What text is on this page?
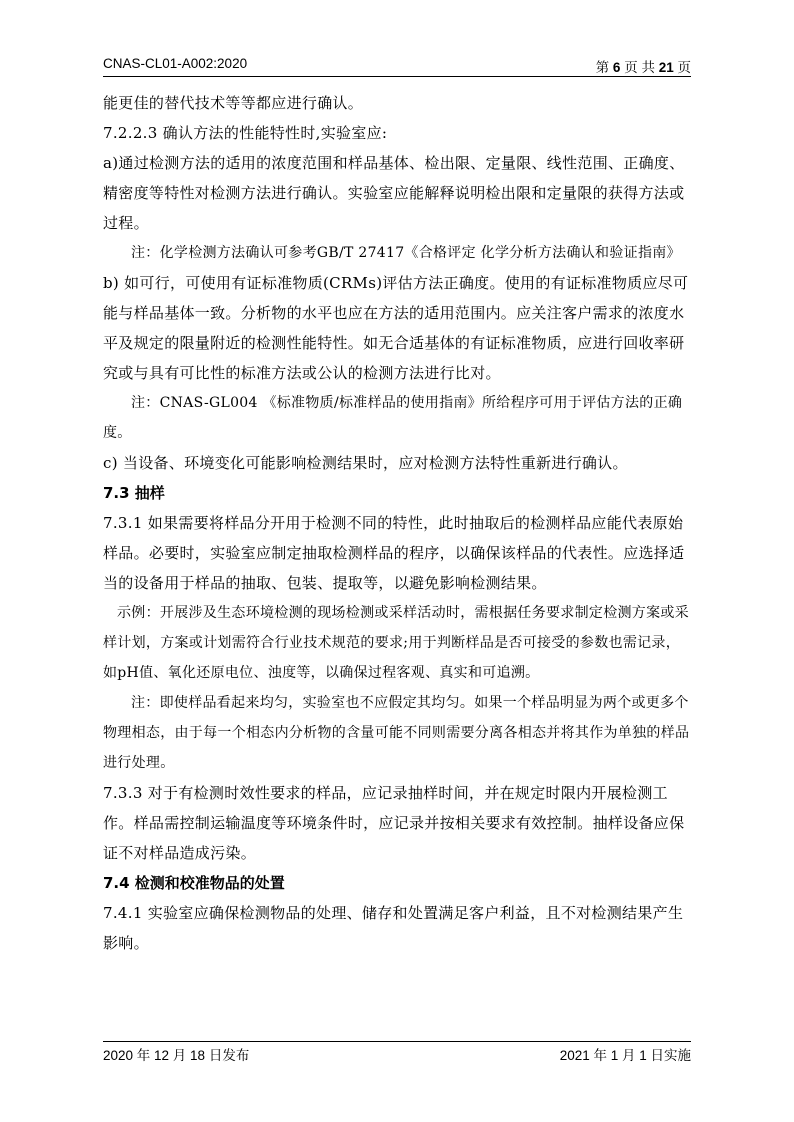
CNAS-CL01-A002:2020	第 6 页 共 21 页

能更佳的替代技术等等都应进行确认。

7.2.2.3 确认方法的性能特性时,实验室应:

a)通过检测方法的适用的浓度范围和样品基体、检出限、定量限、线性范围、正确度、精密度等特性对检测方法进行确认。实验室应能解释说明检出限和定量限的获得方法或过程。

注：化学检测方法确认可参考GB/T 27417《合格评定 化学分析方法确认和验证指南》

b) 如可行，可使用有证标准物质(CRMs)评估方法正确度。使用的有证标准物质应尽可能与样品基体一致。分析物的水平也应在方法的适用范围内。应关注客户需求的浓度水平及规定的限量附近的检测性能特性。如无合适基体的有证标准物质，应进行回收率研究或与具有可比性的标准方法或公认的检测方法进行比对。

注：CNAS-GL004 《标准物质/标准样品的使用指南》所给程序可用于评估方法的正确度。

c) 当设备、环境变化可能影响检测结果时，应对检测方法特性重新进行确认。

7.3 抽样

7.3.1 如果需要将样品分开用于检测不同的特性，此时抽取后的检测样品应能代表原始样品。必要时，实验室应制定抽取检测样品的程序，以确保该样品的代表性。应选择适当的设备用于样品的抽取、包装、提取等，以避免影响检测结果。

示例：开展涉及生态环境检测的现场检测或采样活动时，需根据任务要求制定检测方案或采样计划，方案或计划需符合行业技术规范的要求;用于判断样品是否可接受的参数也需记录，如pH值、氧化还原电位、浊度等，以确保过程客观、真实和可追溯。

注：即使样品看起来均匀，实验室也不应假定其均匀。如果一个样品明显为两个或更多个物理相态，由于每一个相态内分析物的含量可能不同则需要分离各相态并将其作为单独的样品进行处理。

7.3.3 对于有检测时效性要求的样品，应记录抽样时间，并在规定时限内开展检测工作。样品需控制运输温度等环境条件时，应记录并按相关要求有效控制。抽样设备应保证不对样品造成污染。

7.4 检测和校准物品的处置

7.4.1 实验室应确保检测物品的处理、储存和处置满足客户利益，且不对检测结果产生影响。

2020 年 12 月 18 日发布	2021 年 1 月 1 日实施
